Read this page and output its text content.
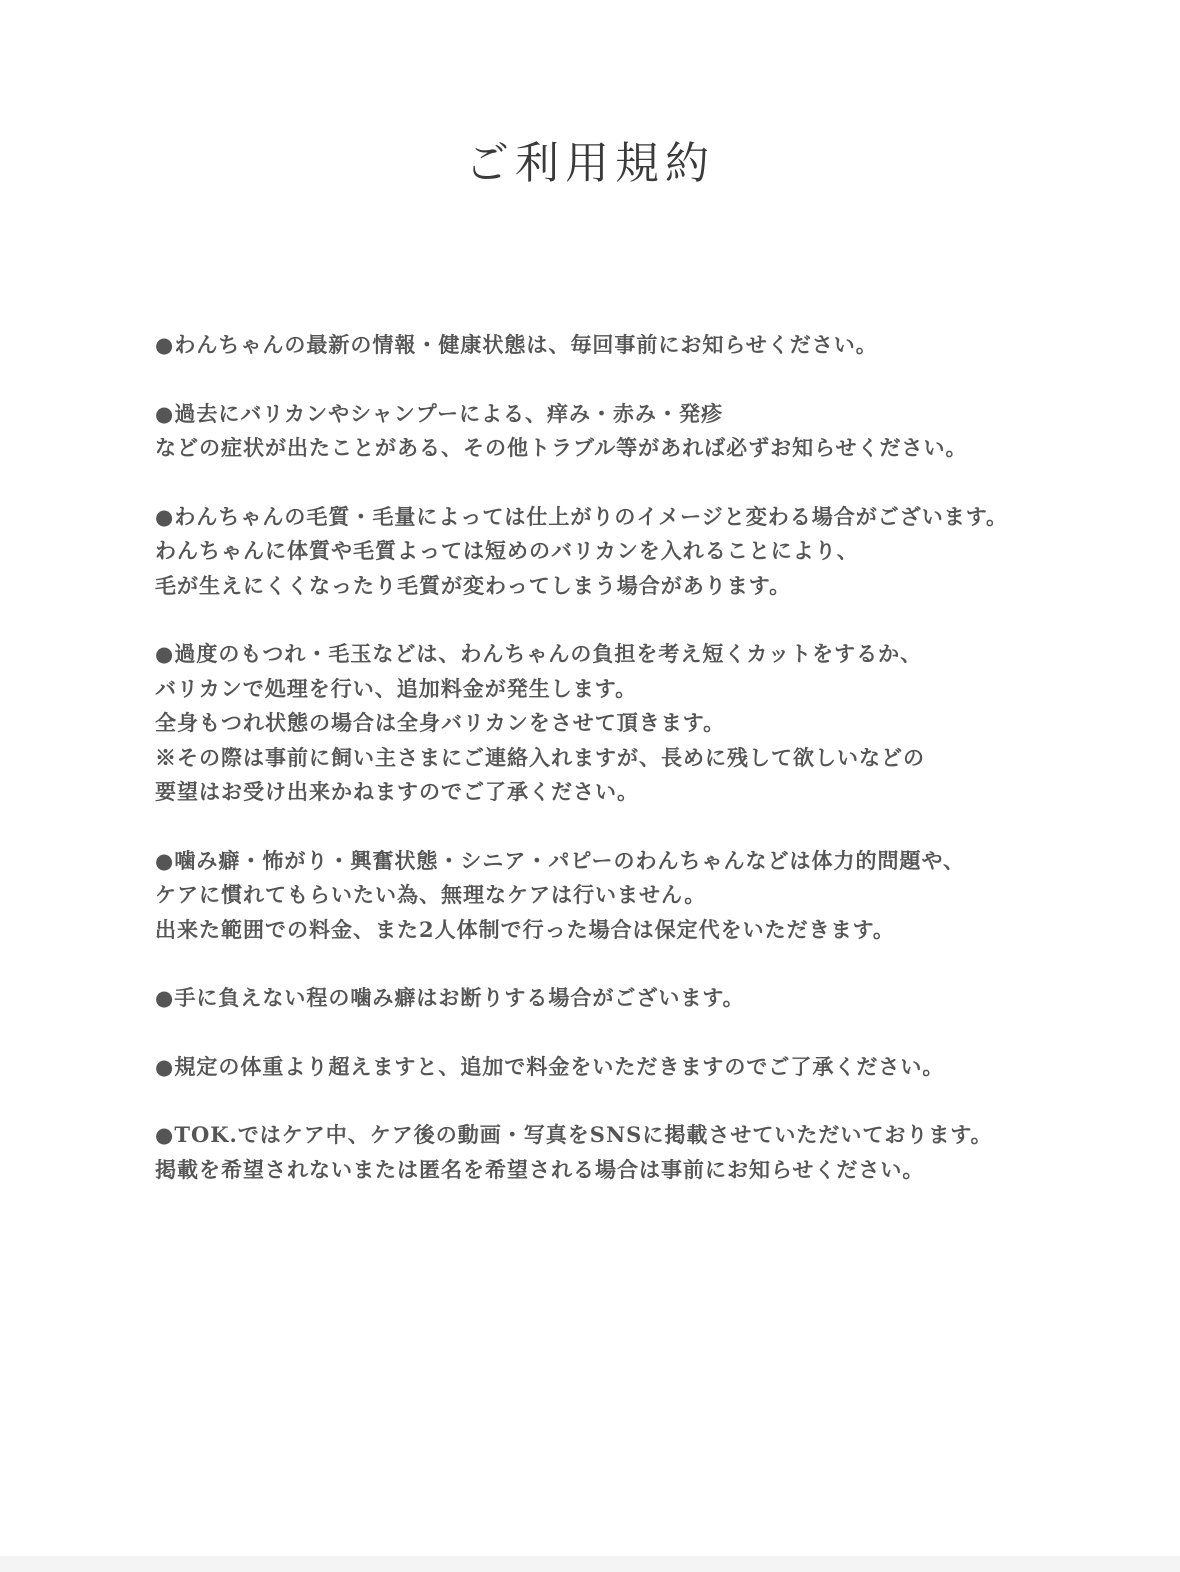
ご利用規約
●わんちゃんの最新の情報・健康状態は、毎回事前にお知らせください。
●過去にバリカンやシャンプーによる、痒み・赤み・発疹
などの症状が出たことがある、その他トラブル等があれば必ずお知らせください。
●わんちゃんの毛質・毛量によっては仕上がりのイメージと変わる場合がございます。
わんちゃんに体質や毛質よっては短めのバリカンを入れることにより、
毛が生えにくくなったり毛質が変わってしまう場合があります。
●過度のもつれ・毛玉などは、わんちゃんの負担を考え短くカットをするか、
バリカンで処理を行い、追加料金が発生します。
全身もつれ状態の場合は全身バリカンをさせて頂きます。
※その際は事前に飼い主さまにご連絡入れますが、長めに残して欲しいなどの
要望はお受け出来かねますのでご了承ください。
●噛み癖・怖がり・興奮状態・シニア・パピーのわんちゃんなどは体力的問題や、
ケアに慣れてもらいたい為、無理なケアは行いません。
出来た範囲での料金、また2人体制で行った場合は保定代をいただきます。
●手に負えない程の噛み癖はお断りする場合がございます。
●規定の体重より超えますと、追加で料金をいただきますのでご了承ください。
●TOK.ではケア中、ケア後の動画・写真をSNSに掲載させていただいております。
掲載を希望されないまたは匿名を希望される場合は事前にお知らせください。
